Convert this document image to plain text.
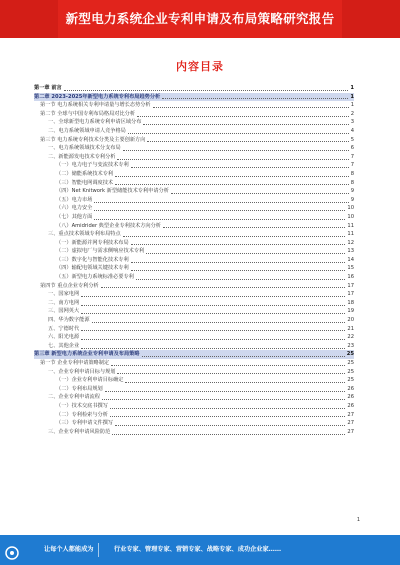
新型电力系统企业专利申请及布局策略研究报告
内容目录
第一章 前言	1
第二章 2023-2025年新型电力系统专利布局趋势分析	1
第一节 电力系统相关专利申请量与增长态势分析	1
第二节 全球与中国专利布局格局对比分析	2
一、全球新型电力系统专利申请区域分布	3
二、电力系统领域申请人竞争格局	4
第三节 电力系统专利技术分类及主要创新方向	5
一、电力系统领域技术分支布局	6
二、新能源发电技术专利分析	7
（一）电力电子与变流技术专利	7
（二）储能系统技术专利	8
（三）智能电网调度技术	8
（四）Net Knitwork 新型储能技术专利申请分析	9
（五）电力市场	9
（六）电力安全	10
（七）其他方面	10
（八）Amidrider 典型企业专利技术方向分析	11
三、重点技术领域专利布局特点	11
（一）新能源并网专利技术布局	12
（二）虚拟电厂与需求侧响应技术专利	13
（三）数字化与智能化技术专利	14
（四）输配电领域关键技术专利	15
（五）新型电力系统标准必要专利	16
第四节 重点企业专利分析	17
一、国家电网	17
二、南方电网	18
三、国网英大	19
四、华为数字能源	20
五、宁德时代	21
六、阳光电源	22
七、其他企业	23
第三章 新型电力系统企业专利申请及布局策略	25
第一节 企业专利申请策略制定	25
一、企业专利申请目标与规划	25
（一）企业专利申请目标确定	25
（二）专利布局规划	26
二、企业专利申请流程	26
（一）技术交底书撰写	26
（二）专利检索与分析	27
（三）专利申请文件撰写	27
三、企业专利申请风险防范	27
1
让每个人都能成为	行业专家、管理专家、营销专家、战略专家、成功企业家……
